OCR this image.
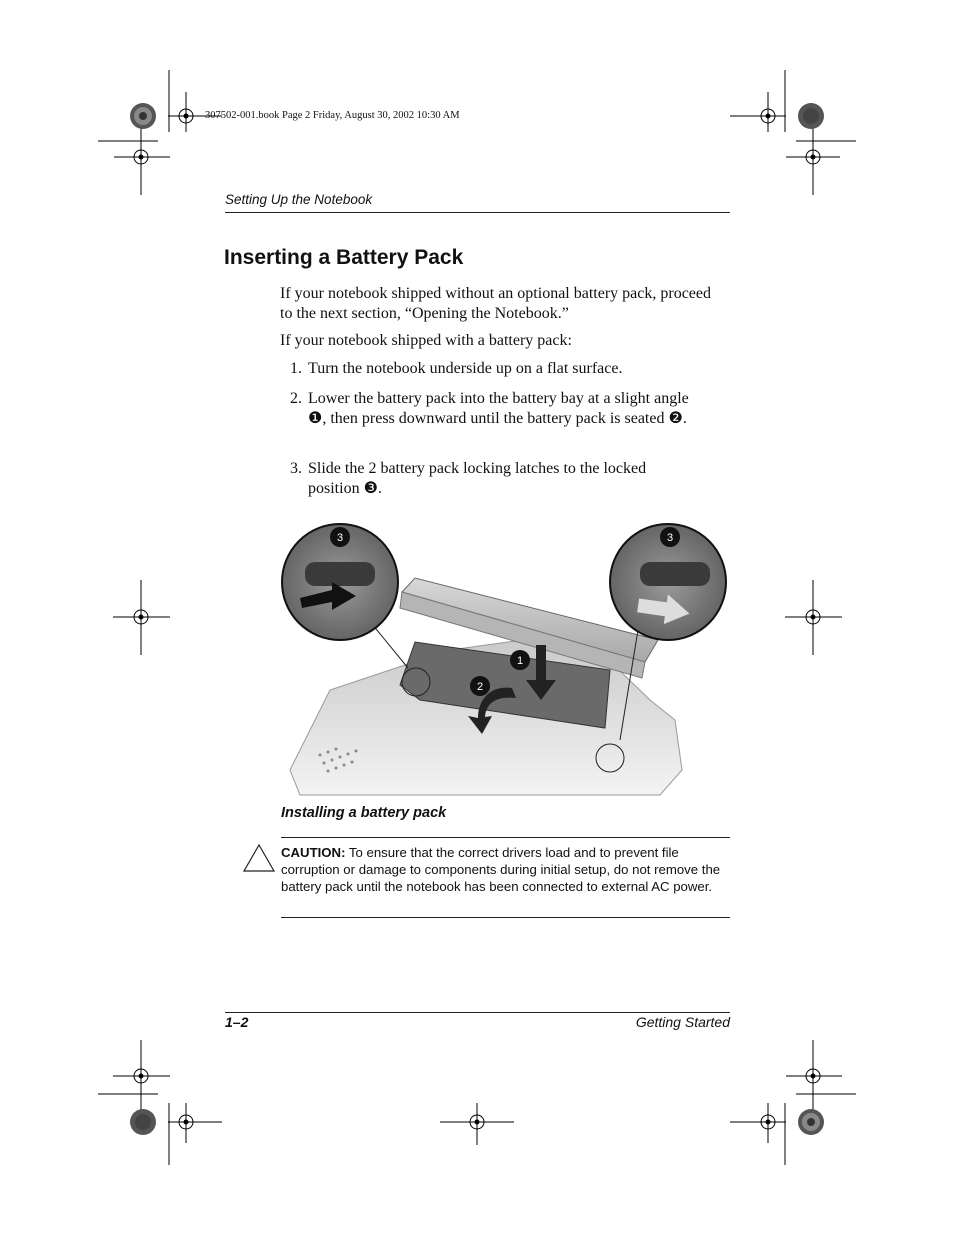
307502-001.book Page 2 Friday, August 30, 2002 10:30 AM
Setting Up the Notebook
Inserting a Battery Pack
If your notebook shipped without an optional battery pack, proceed to the next section, “Opening the Notebook.”
If your notebook shipped with a battery pack:
1. Turn the notebook underside up on a flat surface.
2. Lower the battery pack into the battery bay at a slight angle ❶, then press downward until the battery pack is seated ❷.
3. Slide the 2 battery pack locking latches to the locked position ❸.
3	3
1
2
Installing a battery pack
CAUTION: To ensure that the correct drivers load and to prevent file corruption or damage to components during initial setup, do not remove the battery pack until the notebook has been connected to external AC power.
1–2	Getting Started
